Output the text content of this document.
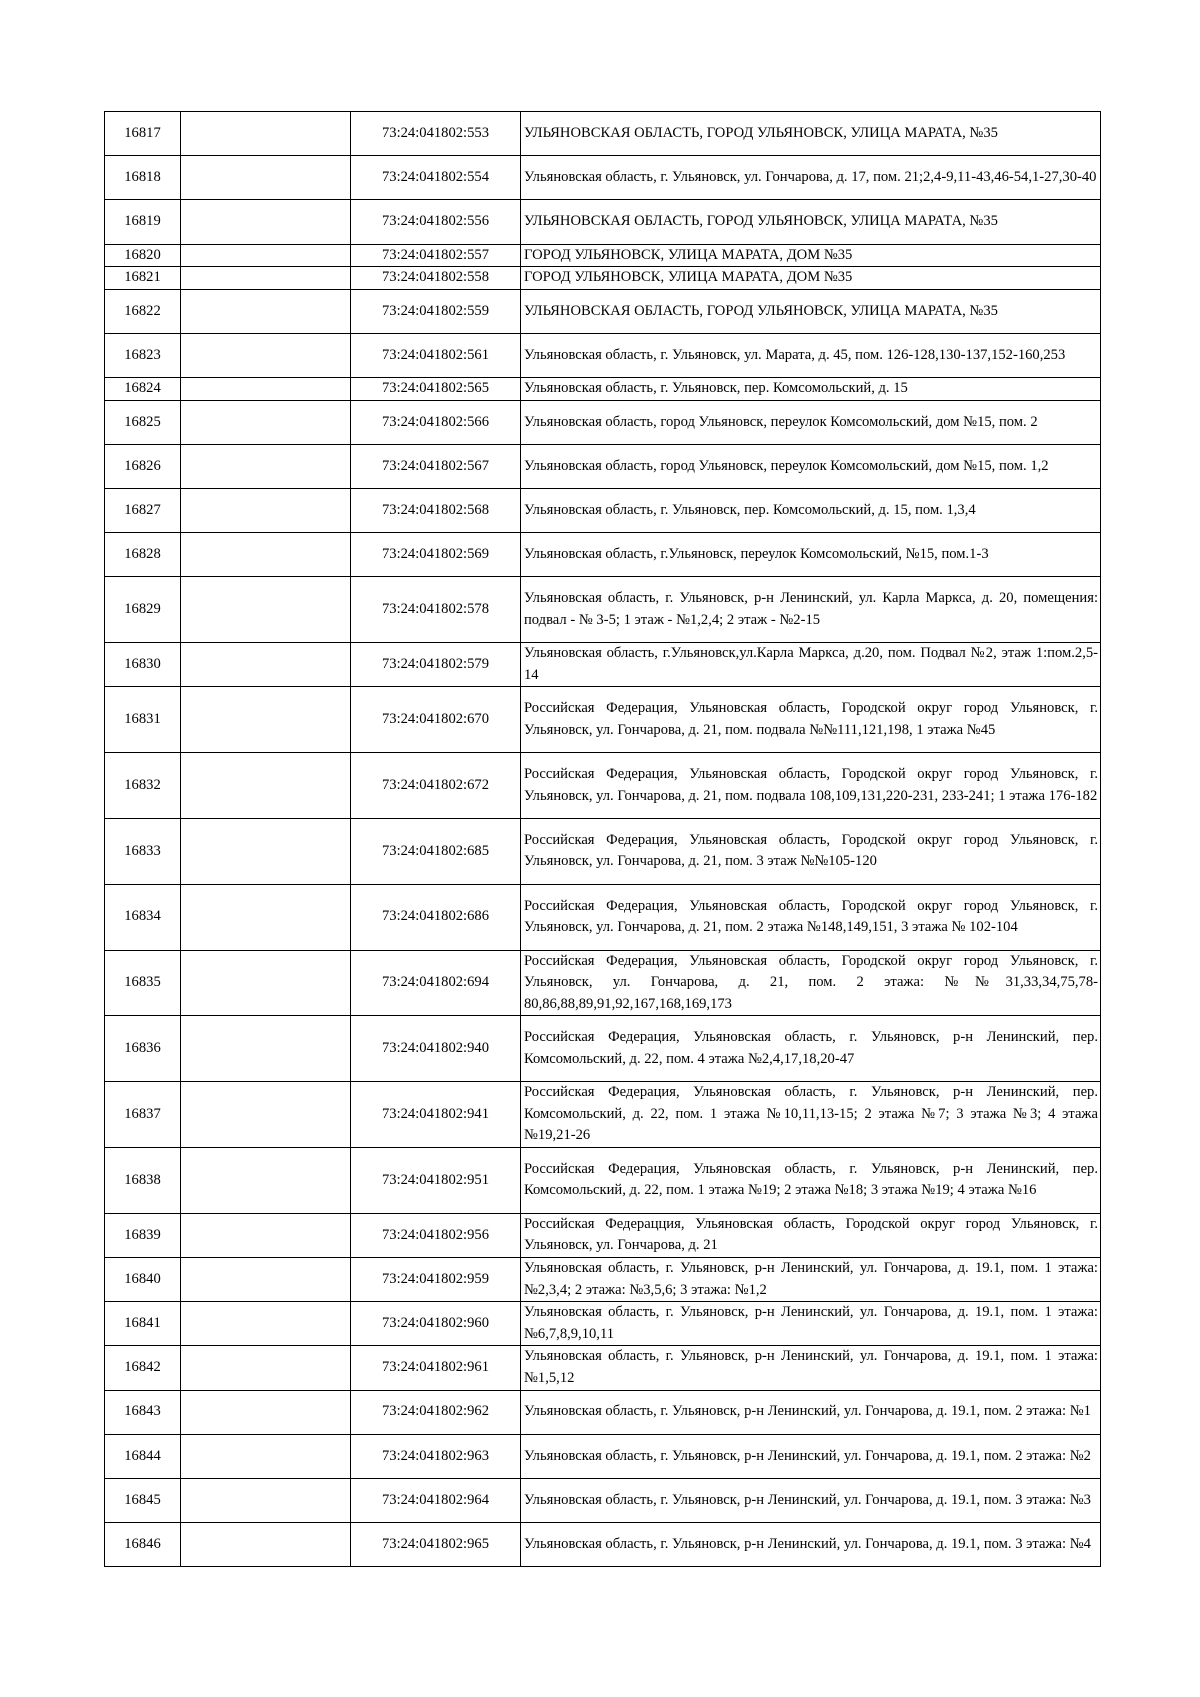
16817		73:24:041802:553	УЛЬЯНОВСКАЯ ОБЛАСТЬ, ГОРОД УЛЬЯНОВСК, УЛИЦА МАРАТА, №35
16818		73:24:041802:554	Ульяновская область, г. Ульяновск, ул. Гончарова, д. 17, пом. 21;2,4-9,11-43,46-54,1-27,30-40
16819		73:24:041802:556	УЛЬЯНОВСКАЯ ОБЛАСТЬ, ГОРОД УЛЬЯНОВСК, УЛИЦА МАРАТА, №35
16820		73:24:041802:557	ГОРОД УЛЬЯНОВСК, УЛИЦА МАРАТА, ДОМ №35
16821		73:24:041802:558	ГОРОД УЛЬЯНОВСК, УЛИЦА МАРАТА, ДОМ №35
16822		73:24:041802:559	УЛЬЯНОВСКАЯ ОБЛАСТЬ, ГОРОД УЛЬЯНОВСК, УЛИЦА МАРАТА, №35
16823		73:24:041802:561	Ульяновская область, г. Ульяновск, ул. Марата, д. 45, пом. 126-128,130-137,152-160,253
16824		73:24:041802:565	Ульяновская область, г. Ульяновск, пер. Комсомольский, д. 15
16825		73:24:041802:566	Ульяновская область, город Ульяновск, переулок Комсомольский, дом №15, пом. 2
16826		73:24:041802:567	Ульяновская область, город Ульяновск, переулок Комсомольский, дом №15, пом. 1,2
16827		73:24:041802:568	Ульяновская область, г. Ульяновск, пер. Комсомольский, д. 15, пом. 1,3,4
16828		73:24:041802:569	Ульяновская область, г.Ульяновск, переулок Комсомольский, №15, пом.1-3
16829		73:24:041802:578	Ульяновская область, г. Ульяновск, р-н Ленинский, ул. Карла Маркса, д. 20, помещения: подвал - № 3-5; 1 этаж - №1,2,4; 2 этаж - №2-15
16830		73:24:041802:579	Ульяновская область, г.Ульяновск,ул.Карла Маркса, д.20, пом. Подвал №2, этаж 1:пом.2,5-14
16831		73:24:041802:670	Российская Федерация, Ульяновская область, Городской округ город Ульяновск, г. Ульяновск, ул. Гончарова, д. 21, пом. подвала №№111,121,198, 1 этажа №45
16832		73:24:041802:672	Российская Федерация, Ульяновская область, Городской округ город Ульяновск, г. Ульяновск, ул. Гончарова, д. 21, пом. подвала 108,109,131,220-231, 233-241; 1 этажа 176-182
16833		73:24:041802:685	Российская Федерация, Ульяновская область, Городской округ город Ульяновск, г. Ульяновск, ул. Гончарова, д. 21, пом. 3 этаж №№105-120
16834		73:24:041802:686	Российская Федерация, Ульяновская область, Городской округ город Ульяновск, г. Ульяновск, ул. Гончарова, д. 21, пом. 2 этажа №148,149,151, 3 этажа № 102-104
16835		73:24:041802:694	Российская Федерация, Ульяновская область, Городской округ город Ульяновск, г. Ульяновск, ул. Гончарова, д. 21, пом. 2 этажа: №№31,33,34,75,78-80,86,88,89,91,92,167,168,169,173
16836		73:24:041802:940	Российская Федерация, Ульяновская область, г. Ульяновск, р-н Ленинский, пер. Комсомольский, д. 22, пом. 4 этажа №2,4,17,18,20-47
16837		73:24:041802:941	Российская Федерация, Ульяновская область, г. Ульяновск, р-н Ленинский, пер. Комсомольский, д. 22, пом. 1 этажа №10,11,13-15; 2 этажа №7; 3 этажа №3; 4 этажа №19,21-26
16838		73:24:041802:951	Российская Федерация, Ульяновская область, г. Ульяновск, р-н Ленинский, пер. Комсомольский, д. 22, пом. 1 этажа №19; 2 этажа №18; 3 этажа №19; 4 этажа №16
16839		73:24:041802:956	Российская Федерацция, Ульяновская область, Городской округ город Ульяновск, г. Ульяновск, ул. Гончарова, д. 21
16840		73:24:041802:959	Ульяновская область, г. Ульяновск, р-н Ленинский, ул. Гончарова, д. 19.1, пом. 1 этажа: №2,3,4; 2 этажа: №3,5,6; 3 этажа: №1,2
16841		73:24:041802:960	Ульяновская область, г. Ульяновск, р-н Ленинский, ул. Гончарова, д. 19.1, пом. 1 этажа: №6,7,8,9,10,11
16842		73:24:041802:961	Ульяновская область, г. Ульяновск, р-н Ленинский, ул. Гончарова, д. 19.1, пом. 1 этажа: №1,5,12
16843		73:24:041802:962	Ульяновская область, г. Ульяновск, р-н Ленинский, ул. Гончарова, д. 19.1, пом. 2 этажа: №1
16844		73:24:041802:963	Ульяновская область, г. Ульяновск, р-н Ленинский, ул. Гончарова, д. 19.1, пом. 2 этажа: №2
16845		73:24:041802:964	Ульяновская область, г. Ульяновск, р-н Ленинский, ул. Гончарова, д. 19.1, пом. 3 этажа: №3
16846		73:24:041802:965	Ульяновская область, г. Ульяновск, р-н Ленинский, ул. Гончарова, д. 19.1, пом. 3 этажа: №4
